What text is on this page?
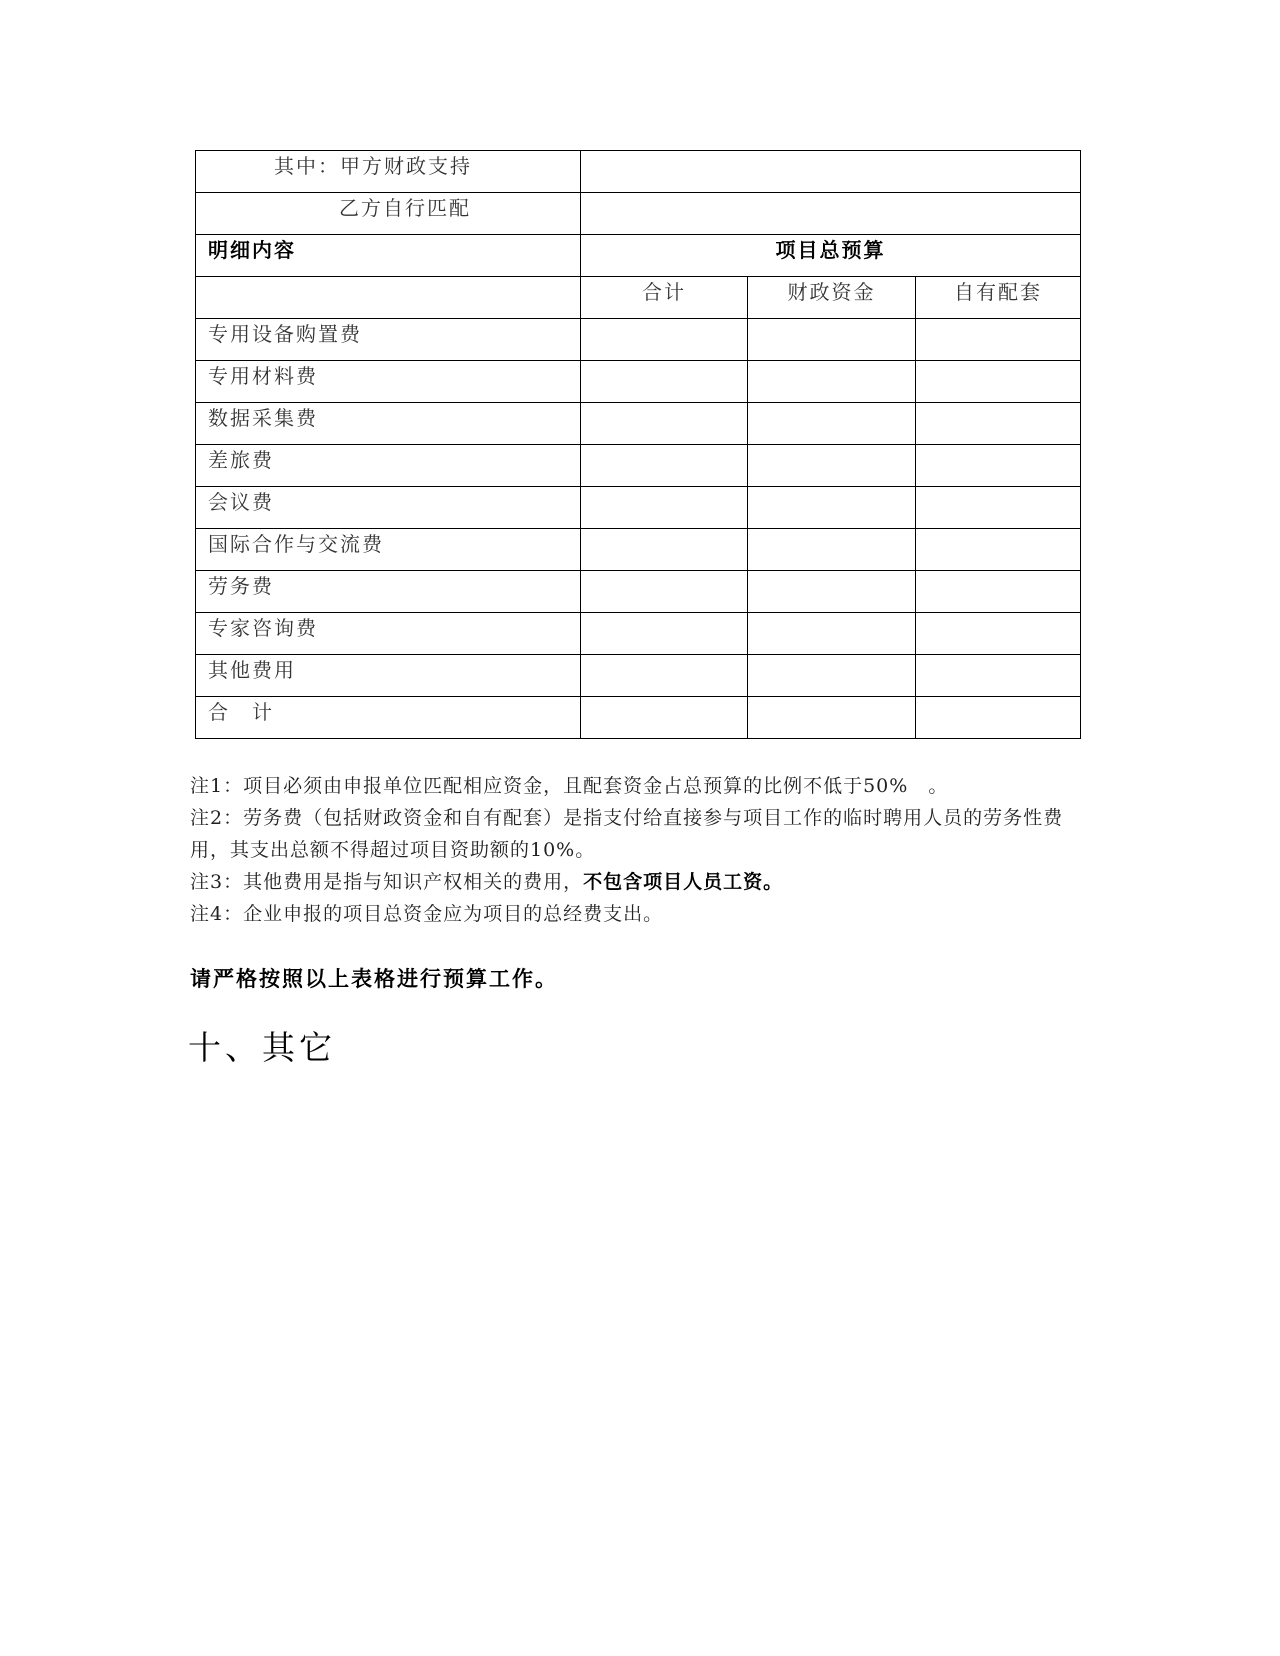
其中：甲方财政支持			
乙方自行匹配			
明细内容	项目总预算		
	合计	财政资金	自有配套
专用设备购置费			
专用材料费			
数据采集费			
差旅费			
会议费			
国际合作与交流费			
劳务费			
专家咨询费			
其他费用			
合　计			

注1：项目必须由申报单位匹配相应资金，且配套资金占总预算的比例不低于50%　。

注2：劳务费（包括财政资金和自有配套）是指支付给直接参与项目工作的临时聘用人员的劳务性费用，其支出总额不得超过项目资助额的10%。

注3：其他费用是指与知识产权相关的费用，不包含项目人员工资。

注4：企业申报的项目总资金应为项目的总经费支出。

请严格按照以上表格进行预算工作。
十、其它
